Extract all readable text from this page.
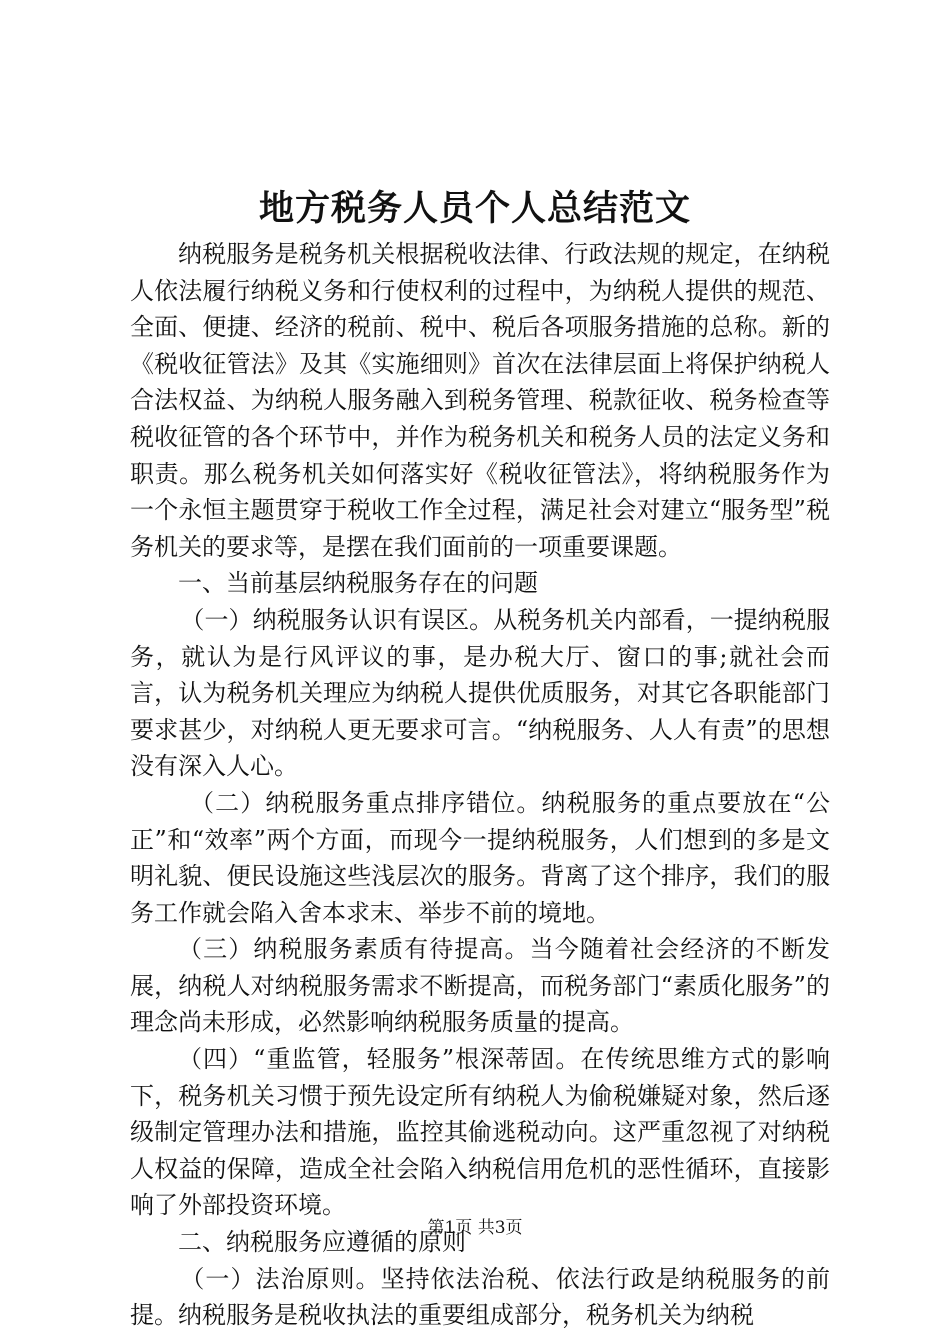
地方税务人员个人总结范文

纳税服务是税务机关根据税收法律、行政法规的规定，在纳税人依法履行纳税义务和行使权利的过程中，为纳税人提供的规范、全面、便捷、经济的税前、税中、税后各项服务措施的总称。新的《税收征管法》及其《实施细则》首次在法律层面上将保护纳税人合法权益、为纳税人服务融入到税务管理、税款征收、税务检查等税收征管的各个环节中，并作为税务机关和税务人员的法定义务和职责。那么税务机关如何落实好《税收征管法》，将纳税服务作为一个永恒主题贯穿于税收工作全过程，满足社会对建立“服务型”税务机关的要求等，是摆在我们面前的一项重要课题。

一、当前基层纳税服务存在的问题

（一）纳税服务认识有误区。从税务机关内部看，一提纳税服务，就认为是行风评议的事，是办税大厅、窗口的事;就社会而言，认为税务机关理应为纳税人提供优质服务，对其它各职能部门要求甚少，对纳税人更无要求可言。“纳税服务、人人有责”的思想没有深入人心。

（二）纳税服务重点排序错位。纳税服务的重点要放在“公正”和“效率”两个方面，而现今一提纳税服务，人们想到的多是文明礼貌、便民设施这些浅层次的服务。背离了这个排序，我们的服务工作就会陷入舍本求末、举步不前的境地。

（三）纳税服务素质有待提高。当今随着社会经济的不断发展，纳税人对纳税服务需求不断提高，而税务部门“素质化服务”的理念尚未形成，必然影响纳税服务质量的提高。

（四）“重监管，轻服务”根深蒂固。在传统思维方式的影响下，税务机关习惯于预先设定所有纳税人为偷税嫌疑对象，然后逐级制定管理办法和措施，监控其偷逃税动向。这严重忽视了对纳税人权益的保障，造成全社会陷入纳税信用危机的恶性循环，直接影响了外部投资环境。

二、纳税服务应遵循的原则

（一）法治原则。坚持依法治税、依法行政是纳税服务的前提。纳税服务是税收执法的重要组成部分，税务机关为纳税

第1页 共3页
